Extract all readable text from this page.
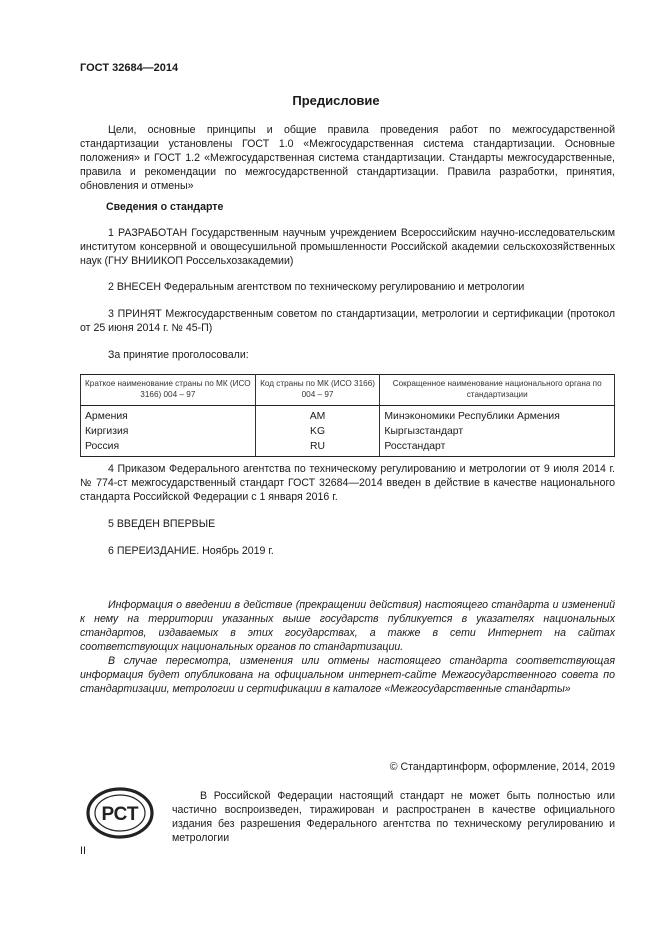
ГОСТ 32684—2014
Предисловие

Цели, основные принципы и общие правила проведения работ по межгосударственной стандартизации установлены ГОСТ 1.0 «Межгосударственная система стандартизации. Основные положения» и ГОСТ 1.2 «Межгосударственная система стандартизации. Стандарты межгосударственные, правила и рекомендации по межгосударственной стандартизации. Правила разработки, принятия, обновления и отмены»

Сведения о стандарте

1 РАЗРАБОТАН Государственным научным учреждением Всероссийским научно-исследовательским институтом консервной и овощесушильной промышленности Российской академии сельскохозяйственных наук (ГНУ ВНИИКОП Россельхозакадемии)

2 ВНЕСЕН Федеральным агентством по техническому регулированию и метрологии

3 ПРИНЯТ Межгосударственным советом по стандартизации, метрологии и сертификации (протокол от 25 июня 2014 г. № 45-П)

За принятие проголосовали:

Краткое наименование страны по МК (ИСО 3166) 004 – 97	Код страны по МК (ИСО 3166) 004 – 97	Сокращенное наименование национального органа по стандартизации
Армения	AM	Минэкономики Республики Армения
Киргизия	KG	Кыргызстандарт
Россия	RU	Росстандарт

4 Приказом Федерального агентства по техническому регулированию и метрологии от 9 июля 2014 г. № 774-ст межгосударственный стандарт ГОСТ 32684—2014 введен в действие в качестве национального стандарта Российской Федерации с 1 января 2016 г.

5 ВВЕДЕН ВПЕРВЫЕ

6 ПЕРЕИЗДАНИЕ. Ноябрь 2019 г.

Информация о введении в действие (прекращении действия) настоящего стандарта и изменений к нему на территории указанных выше государств публикуется в указателях национальных стандартов, издаваемых в этих государствах, а также в сети Интернет на сайтах соответствующих национальных органов по стандартизации.

В случае пересмотра, изменения или отмены настоящего стандарта соответствующая информация будет опубликована на официальном интернет-сайте Межгосударственного совета по стандартизации, метрологии и сертификации в каталоге «Межгосударственные стандарты»

© Стандартинформ, оформление, 2014, 2019
РСТ

В Российской Федерации настоящий стандарт не может быть полностью или частично воспроизведен, тиражирован и распространен в качестве официального издания без разрешения Федерального агентства по техническому регулированию и метрологии

II
